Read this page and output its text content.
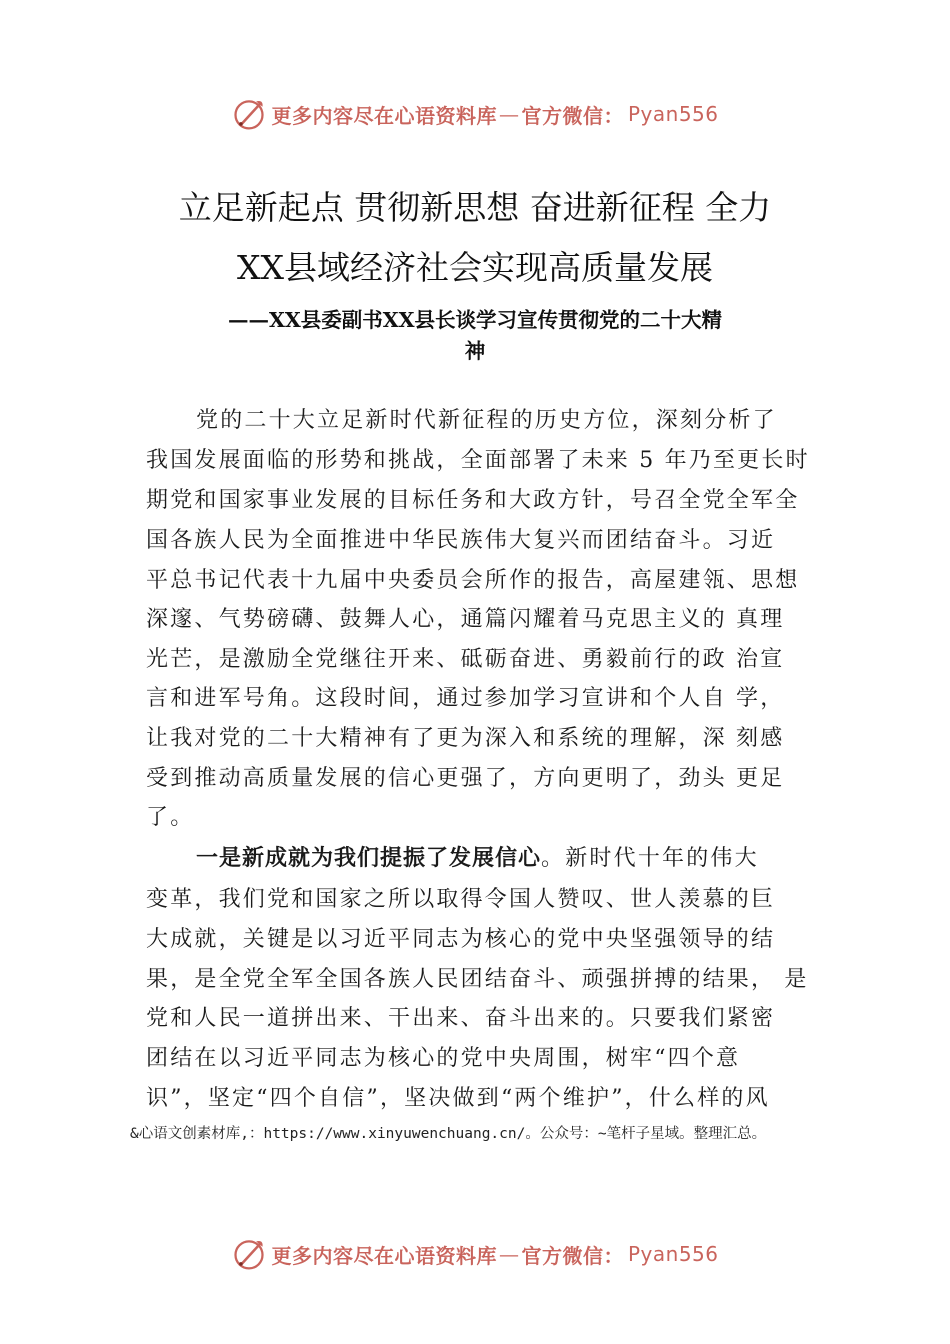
更多内容尽在心语资料库 — 官方微信： Pyan556
立足新起点 贯彻新思想 奋进新征程 全力
XX县域经济社会实现高质量发展
——XX县委副书XX县长谈学习宣传贯彻党的二十大精
神
党的二十大立足新时代新征程的历史方位，深刻分析了
我国发展面临的形势和挑战，全面部署了未来 5 年乃至更长时
期党和国家事业发展的目标任务和大政方针，号召全党全军全
国各族人民为全面推进中华民族伟大复兴而团结奋斗。习近
平总书记代表十九届中央委员会所作的报告，高屋建瓴、思想
深邃、气势磅礴、鼓舞人心，通篇闪耀着马克思主义的 真理
光芒，是激励全党继往开来、砥砺奋进、勇毅前行的政 治宣
言和进军号角。这段时间，通过参加学习宣讲和个人自 学，
让我对党的二十大精神有了更为深入和系统的理解，深 刻感
受到推动高质量发展的信心更强了，方向更明了，劲头 更足
了。
一是新成就为我们提振了发展信心。新时代十年的伟大
变革，我们党和国家之所以取得令国人赞叹、世人羡慕的巨
大成就，关键是以习近平同志为核心的党中央坚强领导的结
果，是全党全军全国各族人民团结奋斗、顽强拼搏的结果， 是
党和人民一道拼出来、干出来、奋斗出来的。只要我们紧密
团结在以习近平同志为核心的党中央周围，树牢“四个意
识”，坚定“四个自信”，坚决做到“两个维护”，什么样的风
&心语文创素材库,：https://www.xinyuwenchuang.cn/。公众号：~笔杆子星域。整理汇总。
更多内容尽在心语资料库 — 官方微信： Pyan556
